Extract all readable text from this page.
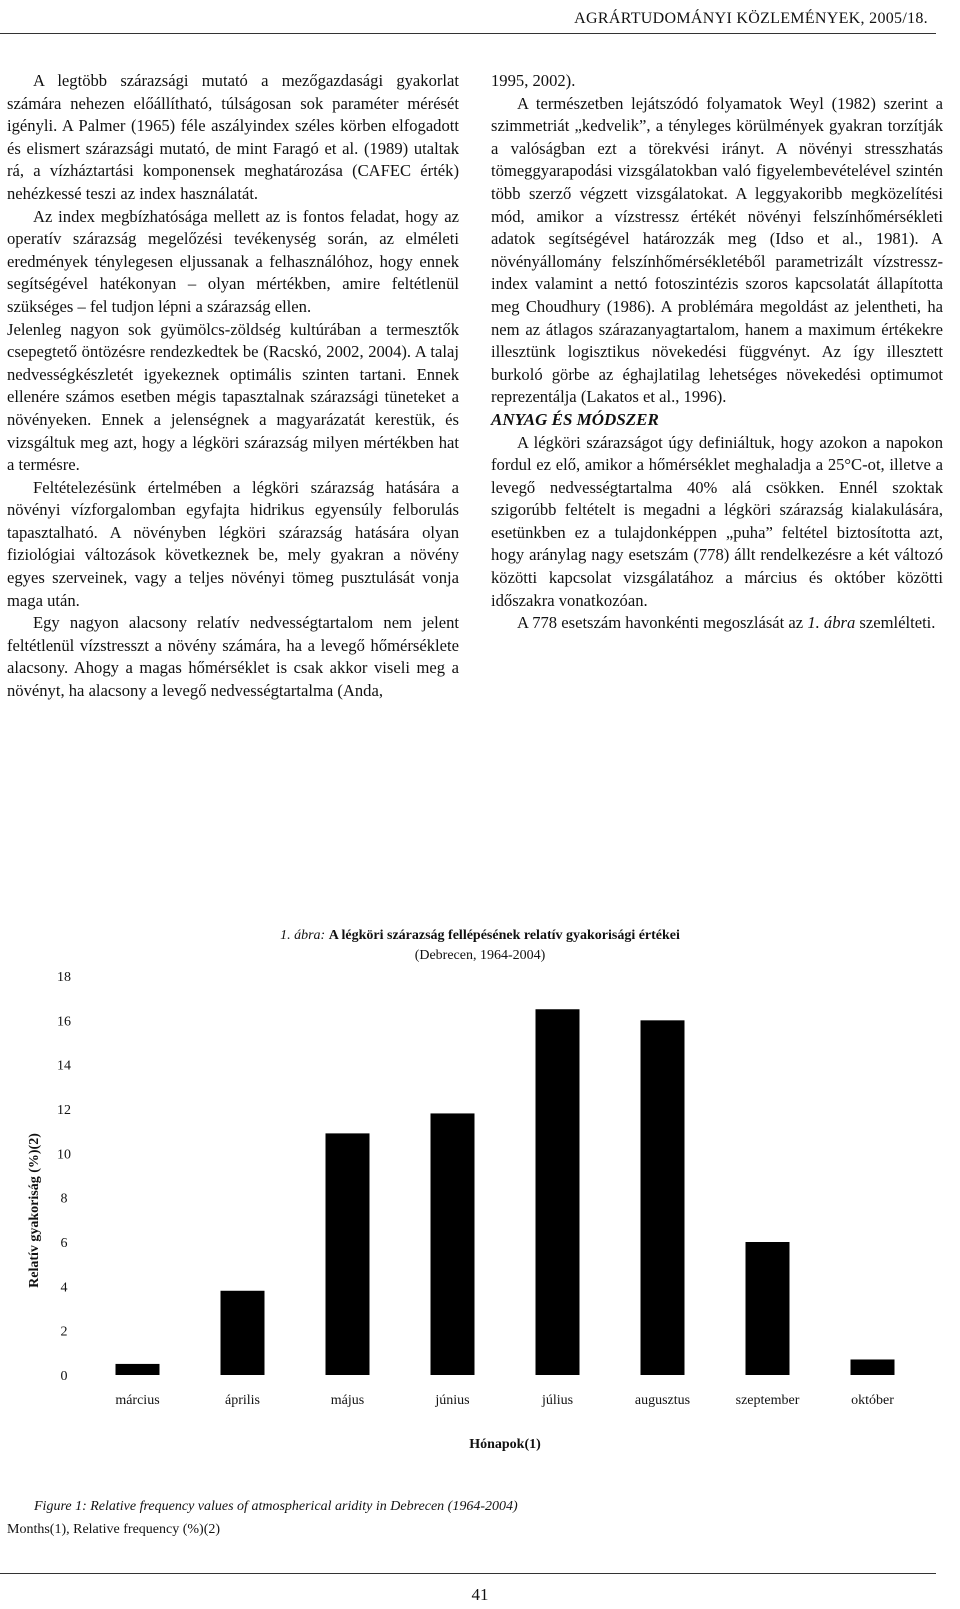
AGRÁRTUDOMÁNYI KÖZLEMÉNYEK, 2005/18.

A legtöbb szárazsági mutató a mezőgazdasági gyakorlat számára nehezen előállítható, túlságosan sok paraméter mérését igényli. A Palmer (1965) féle aszályindex széles körben elfogadott és elismert szárazsági mutató, de mint Faragó et al. (1989) utaltak rá, a vízháztartási komponensek meghatározása (CAFEC érték) nehézkessé teszi az index használatát.

Az index megbízhatósága mellett az is fontos feladat, hogy az operatív szárazság megelőzési tevékenység során, az elméleti eredmények ténylegesen eljussanak a felhasználóhoz, hogy ennek segítségével hatékonyan – olyan mértékben, amire feltétlenül szükséges – fel tudjon lépni a szárazság ellen.

Jelenleg nagyon sok gyümölcs-zöldség kultúrában a termesztők csepegtető öntözésre rendezkedtek be (Racskó, 2002, 2004). A talaj nedvességkészletét igyekeznek optimális szinten tartani. Ennek ellenére számos esetben mégis tapasztalnak szárazsági tüneteket a növényeken. Ennek a jelenségnek a magyarázatát kerestük, és vizsgáltuk meg azt, hogy a légköri szárazság milyen mértékben hat a termésre.

Feltételezésünk értelmében a légköri szárazság hatására a növényi vízforgalomban egyfajta hidrikus egyensúly felborulás tapasztalható. A növényben légköri szárazság hatására olyan fiziológiai változások következnek be, mely gyakran a növény egyes szerveinek, vagy a teljes növényi tömeg pusztulását vonja maga után.

Egy nagyon alacsony relatív nedvességtartalom nem jelent feltétlenül vízstresszt a növény számára, ha a levegő hőmérséklete alacsony. Ahogy a magas hőmérséklet is csak akkor viseli meg a növényt, ha alacsony a levegő nedvességtartalma (Anda,

1995, 2002).

A természetben lejátszódó folyamatok Weyl (1982) szerint a szimmetriát „kedvelik”, a tényleges körülmények gyakran torzítják a valóságban ezt a törekvési irányt. A növényi stresszhatás tömeggyarapodási vizsgálatokban való figyelembevételével szintén több szerző végzett vizsgálatokat. A leggyakoribb megközelítési mód, amikor a vízstressz értékét növényi felszínhőmérsékleti adatok segítségével határozzák meg (Idso et al., 1981). A növényállomány felszínhőmérsékletéből parametrizált vízstressz-index valamint a nettó fotoszintézis szoros kapcsolatát állapította meg Choudhury (1986). A problémára megoldást az jelentheti, ha nem az átlagos szárazanyagtartalom, hanem a maximum értékekre illesztünk logisztikus növekedési függvényt. Az így illesztett burkoló görbe az éghajlatilag lehetséges növekedési optimumot reprezentálja (Lakatos et al., 1996).

ANYAG ÉS MÓDSZER

A légköri szárazságot úgy definiáltuk, hogy azokon a napokon fordul ez elő, amikor a hőmérséklet meghaladja a 25°C-ot, illetve a levegő nedvességtartalma 40% alá csökken. Ennél szoktak szigorúbb feltételt is megadni a légköri szárazság kialakulására, esetünkben ez a tulajdonképpen „puha” feltétel biztosította azt, hogy aránylag nagy esetszám (778) állt rendelkezésre a két változó közötti kapcsolat vizsgálatához a március és október közötti időszakra vonatkozóan.

A 778 esetszám havonkénti megoszlását az 1. ábra szemlélteti.

1. ábra: A légköri szárazság fellépésének relatív gyakorisági értékei
(Debrecen, 1964-2004)
0
2
4
6
8
10
12
14
16
18
március	április	május	június	július	augusztus	szeptember	október
Hónapok(1)
Relatív gyakoriság (%)(2)
Figure 1: Relative frequency values of atmospherical aridity in Debrecen (1964-2004)
Months(1), Relative frequency (%)(2)
41
